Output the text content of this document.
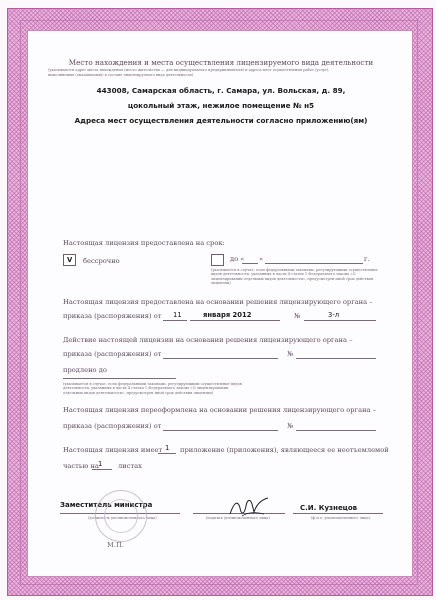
Место нахождения и места осуществления лицензируемого вида деятельности
(указываются адрес места нахождения (место жительства — для индивидуального предпринимателя) и адреса мест осуществления работ (услуг),
выполняемых (оказываемых) в составе лицензируемого вида деятельности)
443008, Самарская область, г. Самара, ул. Вольская, д. 89,
цокольный этаж, нежилое помещение № н5
Адреса мест осуществления деятельности согласно приложению(ям)
Настоящая лицензия предоставлена на срок:
V бессрочно	до « »	г.
(указывается в случае, если федеральными законами, регулирующими осуществление видов деятельности, указанных в части 4 статьи 1 Федерального закона «О лицензировании отдельных видов деятельности», предусмотрен иной срок действия лицензии)
Настоящая лицензия предоставлена на основании решения лицензирующего органа –
приказа (распоряжения) от 11	января 2012	№	3-л
Действие настоящей лицензии на основании решения лицензирующего органа –
приказа (распоряжения) от	№
продлено до
(указывается в случае, если федеральными законами, регулирующими осуществление видов деятельности, указанных в части 4 статьи 1 Федерального закона «О лицензировании отдельных видов деятельности», предусмотрен иной срок действия лицензии)
Настоящая лицензия переоформлена на основании решения лицензирующего органа –
приказа (распоряжения) от	№
Настоящая лицензия имеет 1 приложение (приложения), являющееся ее неотъемлемой
частью на 1 листах
Заместитель министра
(должность уполномоченного лица)	(подпись уполномоченного лица)
С.И. Кузнецов
(ф.и.о. уполномоченного лица)
М.П.
